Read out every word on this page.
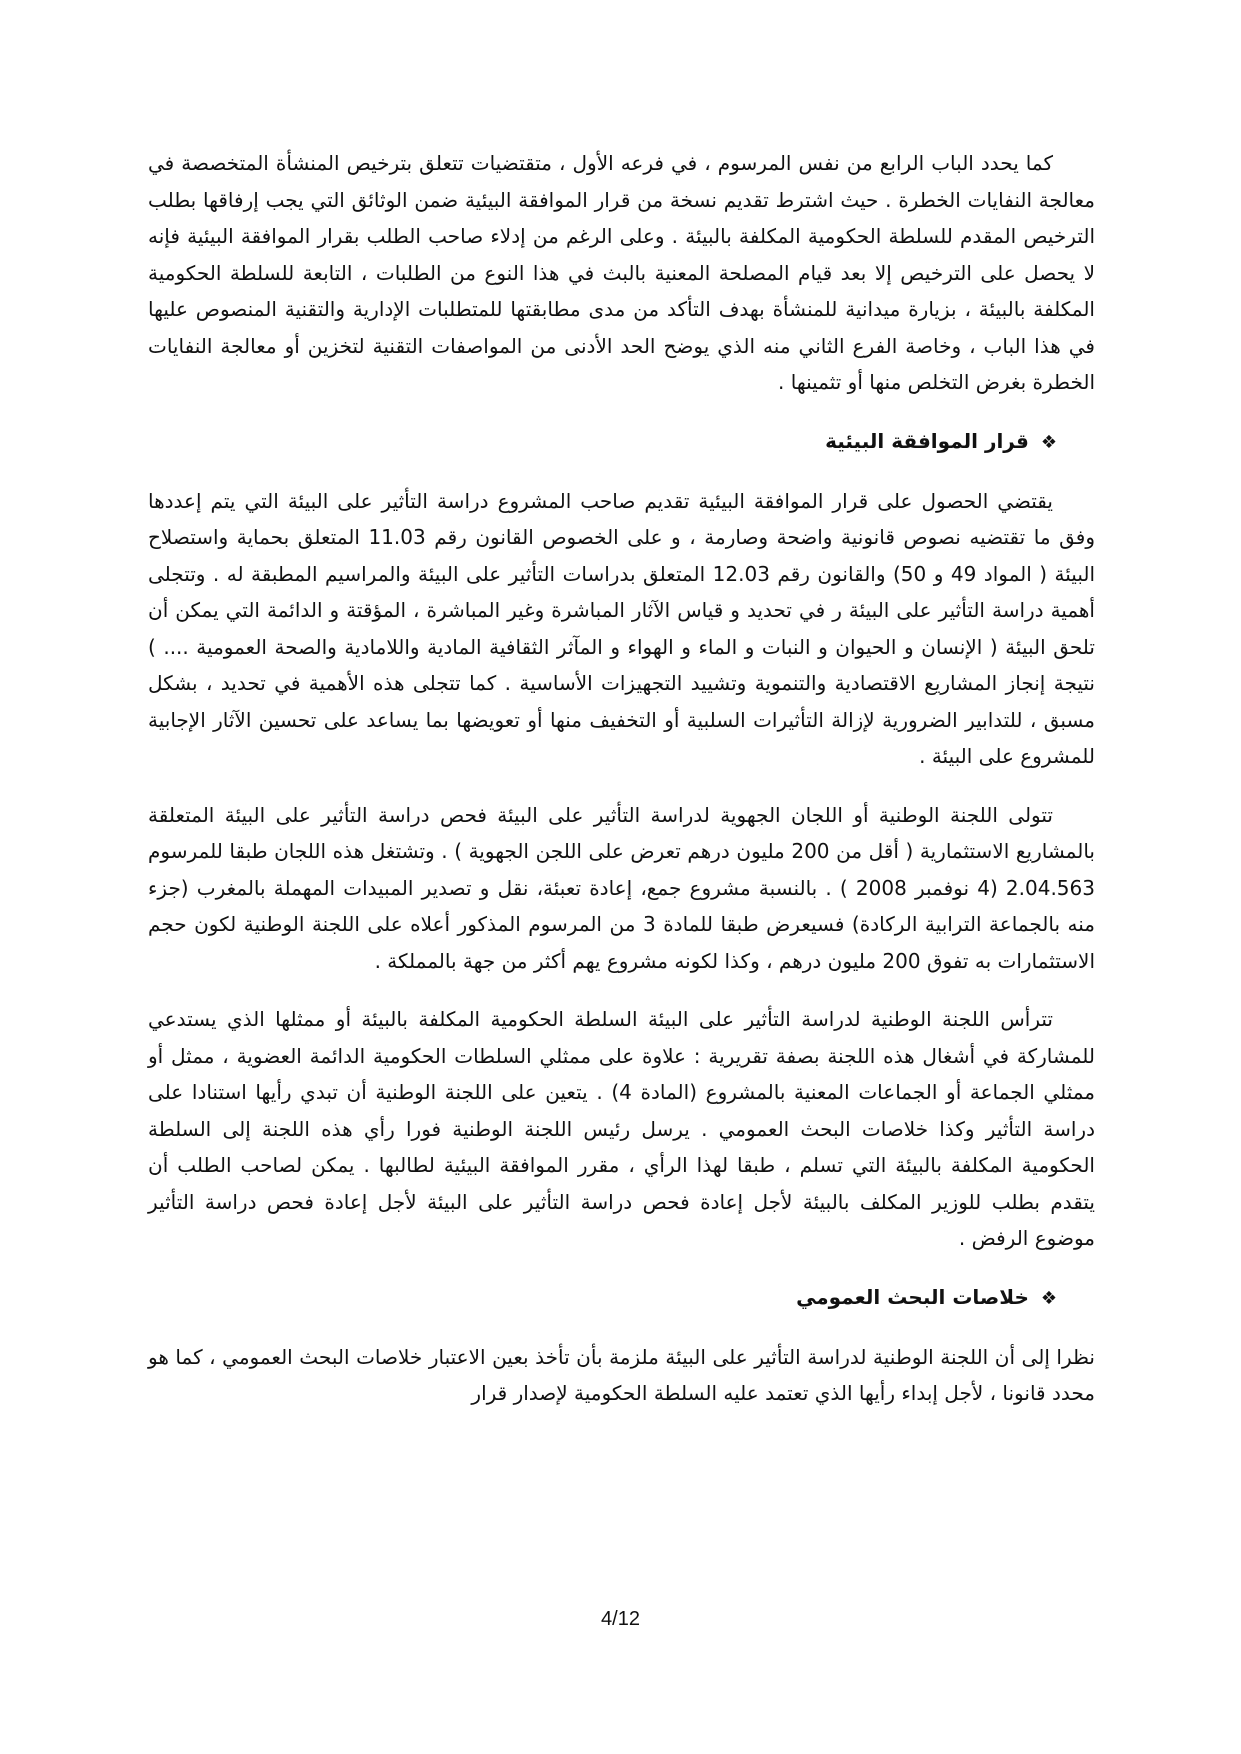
كما يحدد الباب الرابع من نفس المرسوم ، في فرعه الأول ، متقتضيات تتعلق بترخيص المنشأة المتخصصة في معالجة النفايات الخطرة . حيث اشترط تقديم نسخة من قرار الموافقة البيئية ضمن الوثائق التي يجب إرفاقها بطلب الترخيص المقدم للسلطة الحكومية المكلفة بالبيئة . وعلى الرغم من إدلاء صاحب الطلب بقرار الموافقة البيئية فإنه لا يحصل على الترخيص إلا بعد قيام المصلحة المعنية بالبث في هذا النوع من الطلبات ، التابعة للسلطة الحكومية المكلفة بالبيئة ، بزيارة ميدانية للمنشأة بهدف التأكد من مدى مطابقتها للمتطلبات الإدارية والتقنية المنصوص عليها في هذا الباب ، وخاصة الفرع الثاني منه الذي يوضح الحد الأدنى من المواصفات التقنية لتخزين أو معالجة النفايات الخطرة بغرض التخلص منها أو تثمينها .

❖قرار الموافقة البيئية

يقتضي الحصول على قرار الموافقة البيئية تقديم صاحب المشروع دراسة التأثير على البيئة التي يتم إعددها وفق ما تقتضيه نصوص قانونية واضحة وصارمة ، و على الخصوص القانون رقم 11.03 المتعلق بحماية واستصلاح البيئة ( المواد 49 و 50) والقانون رقم 12.03 المتعلق بدراسات التأثير على البيئة والمراسيم المطبقة له . وتتجلى أهمية دراسة التأثير على البيئة ر في تحديد و قياس الآثار المباشرة وغير المباشرة ، المؤقتة و الدائمة التي يمكن أن تلحق البيئة ( الإنسان و الحيوان و النبات و الماء و الهواء و المآثر الثقافية المادية واللامادية والصحة العمومية .... ) نتيجة إنجاز المشاريع الاقتصادية والتنموية وتشييد التجهيزات الأساسية . كما تتجلى هذه الأهمية في تحديد ، بشكل مسبق ، للتدابير الضرورية لإزالة التأثيرات السلبية أو التخفيف منها أو تعويضها بما يساعد على تحسين الآثار الإجابية للمشروع على البيئة .

تتولى اللجنة الوطنية أو اللجان الجهوية لدراسة التأثير على البيئة فحص دراسة التأثير على البيئة المتعلقة بالمشاريع الاستثمارية ( أقل من 200 مليون درهم تعرض على اللجن الجهوية ) . وتشتغل هذه اللجان طبقا للمرسوم 2.04.563 (4 نوفمبر 2008 ) . بالنسبة مشروع جمع، إعادة تعبئة، نقل و تصدير المبيدات المهملة بالمغرب (جزء منه بالجماعة الترابية الركادة) فسيعرض طبقا للمادة 3 من المرسوم المذكور أعلاه على اللجنة الوطنية لكون حجم الاستثمارات به تفوق 200 مليون درهم ، وكذا لكونه مشروع يهم أكثر من جهة بالمملكة .

تترأس اللجنة الوطنية لدراسة التأثير على البيئة السلطة الحكومية المكلفة بالبيئة أو ممثلها الذي يستدعي للمشاركة في أشغال هذه اللجنة بصفة تقريرية : علاوة على ممثلي السلطات الحكومية الدائمة العضوية ، ممثل أو ممثلي الجماعة أو الجماعات المعنية بالمشروع (المادة 4) . يتعين على اللجنة الوطنية أن تبدي رأيها استنادا على دراسة التأثير وكذا خلاصات البحث العمومي . يرسل رئيس اللجنة الوطنية فورا رأي هذه اللجنة إلى السلطة الحكومية المكلفة بالبيئة التي تسلم ، طبقا لهذا الرأي ، مقرر الموافقة البيئية لطالبها . يمكن لصاحب الطلب أن يتقدم بطلب للوزير المكلف بالبيئة لأجل إعادة فحص دراسة التأثير على البيئة لأجل إعادة فحص دراسة التأثير موضوع الرفض .

❖خلاصات البحث العمومي

نظرا إلى أن اللجنة الوطنية لدراسة التأثير على البيئة ملزمة بأن تأخذ بعين الاعتبار خلاصات البحث العمومي ، كما هو محدد قانونا ، لأجل إبداء رأيها الذي تعتمد عليه السلطة الحكومية لإصدار قرار

4/12
